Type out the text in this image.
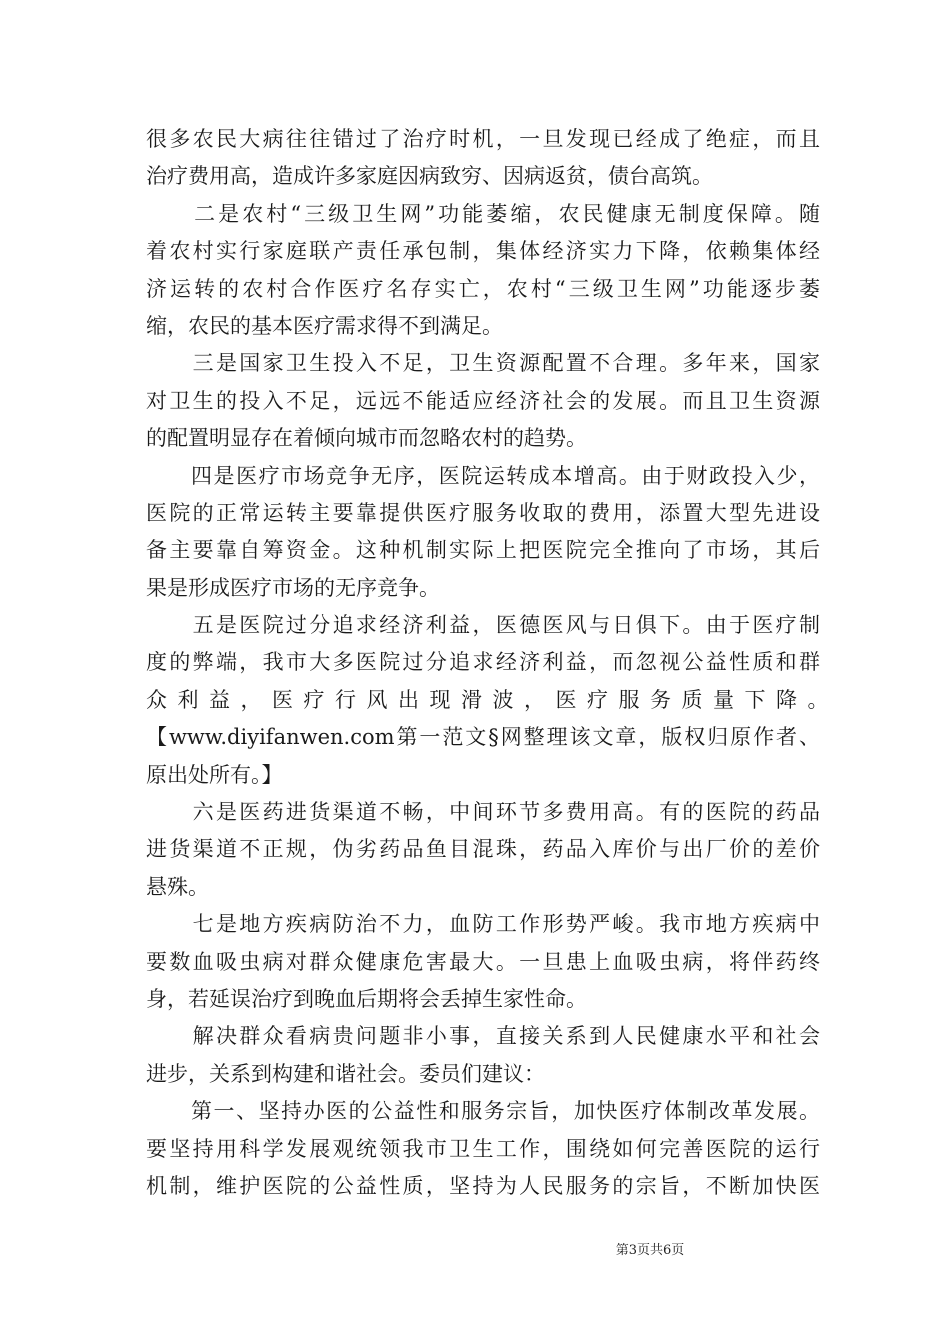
很多农民大病往往错过了治疗时机，一旦发现已经成了绝症，而且
治疗费用高，造成许多家庭因病致穷、因病返贫，债台高筑。
　　二是农村“三级卫生网”功能萎缩，农民健康无制度保障。随
着农村实行家庭联产责任承包制，集体经济实力下降，依赖集体经
济运转的农村合作医疗名存实亡，农村“三级卫生网”功能逐步萎
缩，农民的基本医疗需求得不到满足。
　　三是国家卫生投入不足，卫生资源配置不合理。多年来，国家
对卫生的投入不足，远远不能适应经济社会的发展。而且卫生资源
的配置明显存在着倾向城市而忽略农村的趋势。
　　四是医疗市场竞争无序，医院运转成本增高。由于财政投入少，
医院的正常运转主要靠提供医疗服务收取的费用，添置大型先进设
备主要靠自筹资金。这种机制实际上把医院完全推向了市场，其后
果是形成医疗市场的无序竞争。
　　五是医院过分追求经济利益，医德医风与日俱下。由于医疗制
度的弊端，我市大多医院过分追求经济利益，而忽视公益性质和群
众利益，医疗行风出现滑波，医疗服务质量下降。
【www.diyifanwen.com第一范文§网整理该文章，版权归原作者、
原出处所有。】
　　六是医药进货渠道不畅，中间环节多费用高。有的医院的药品
进货渠道不正规，伪劣药品鱼目混珠，药品入库价与出厂价的差价
悬殊。
　　七是地方疾病防治不力，血防工作形势严峻。我市地方疾病中
要数血吸虫病对群众健康危害最大。一旦患上血吸虫病，将伴药终
身，若延误治疗到晚血后期将会丢掉生家性命。
　　解决群众看病贵问题非小事，直接关系到人民健康水平和社会
进步，关系到构建和谐社会。委员们建议：
　　第一、坚持办医的公益性和服务宗旨，加快医疗体制改革发展。
要坚持用科学发展观统领我市卫生工作，围绕如何完善医院的运行
机制，维护医院的公益性质，坚持为人民服务的宗旨，不断加快医
第3页共6页
